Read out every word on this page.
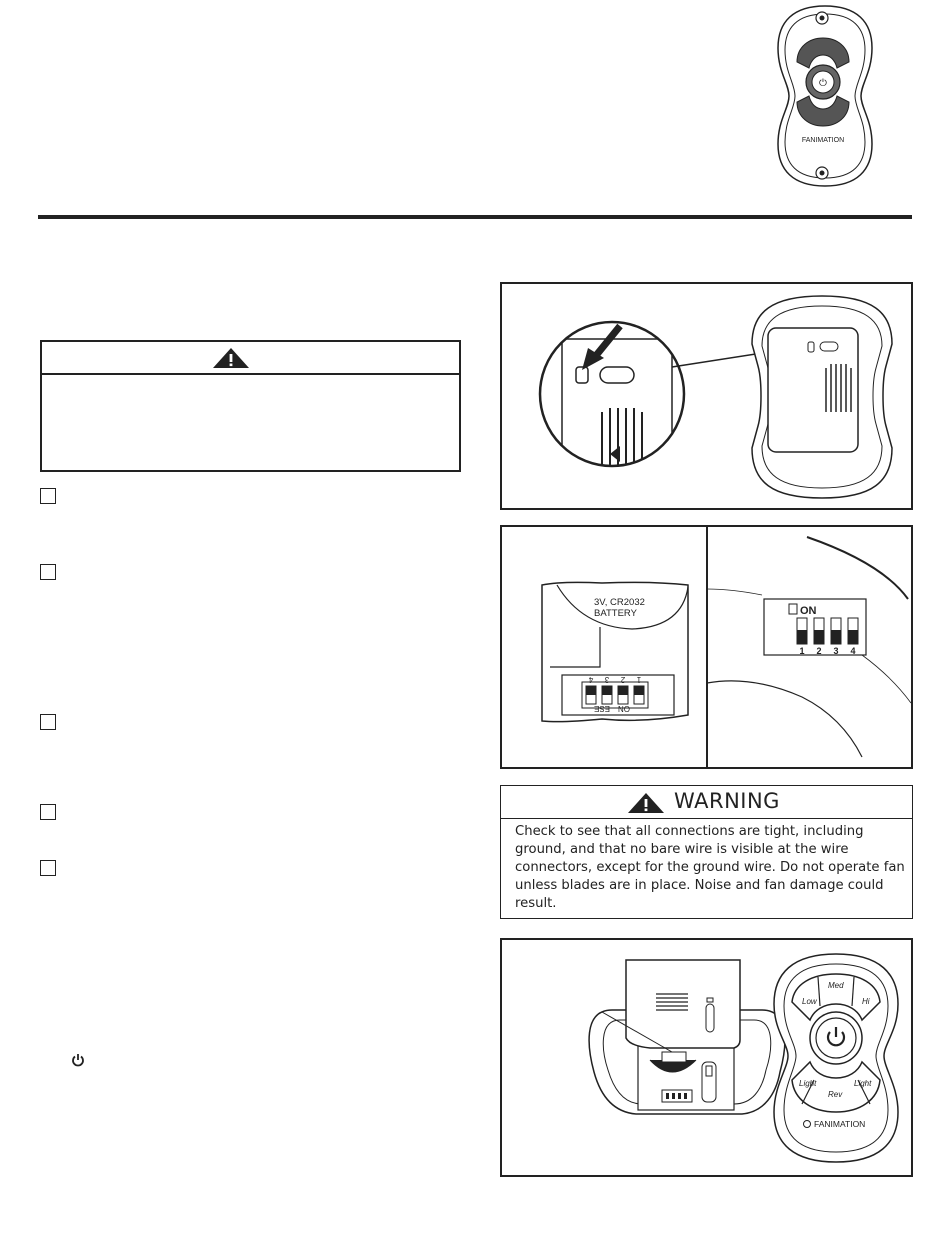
⏻
FANIMATION
3V, CR2032
BATTERY
4 3 2 1
ON
ESE
ON
1 2 3 4
WARNING
Check to see that all connections are tight, including ground, and that no bare wire is visible at the wire connectors, except for the ground wire. Do not operate fan unless blades are in place. Noise and fan damage could result.
Low
Med
Hi
Light	Light
Rev
FANIMATION
